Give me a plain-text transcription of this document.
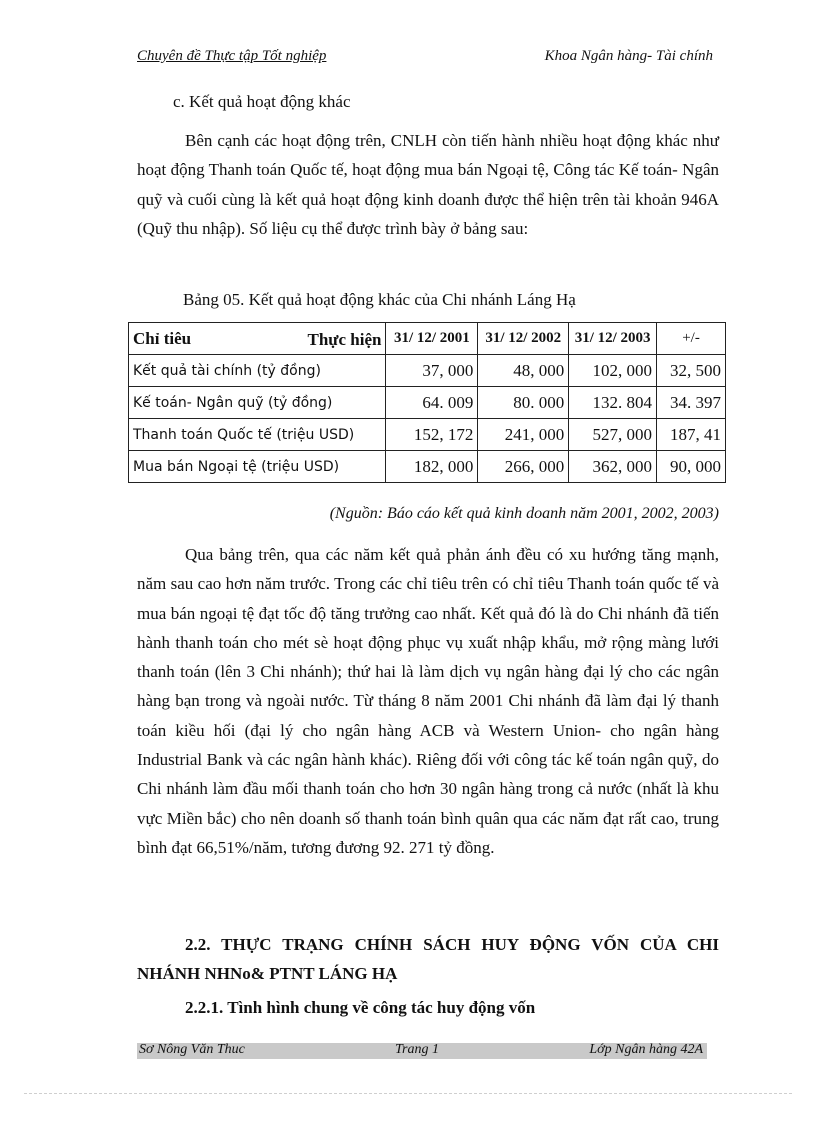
Chuyên đề Thực tập Tốt nghiệp	Khoa Ngân hàng- Tài chính
c. Kết quả hoạt động khác
Bên cạnh các hoạt động trên, CNLH còn tiến hành nhiều hoạt động khác như hoạt động Thanh toán Quốc tế, hoạt động mua bán Ngoại tệ, Công tác Kế toán- Ngân quỹ và cuối cùng là kết quả hoạt động kinh doanh được thể hiện trên tài khoản 946A (Quỹ thu nhập). Số liệu cụ thể được trình bày ở bảng sau:
Bảng 05. Kết quả hoạt động khác của Chi nhánh Láng Hạ
Chỉ tiêu Thực hiện	31/ 12/ 2001	31/ 12/ 2002	31/ 12/ 2003	+/-
Kết quả tài chính (tỷ đồng)	37, 000	48, 000	102, 000	32, 500
Kế toán- Ngân quỹ (tỷ đồng)	64. 009	80. 000	132. 804	34. 397
Thanh toán Quốc tế (triệu USD)	152, 172	241, 000	527, 000	187, 41
Mua bán Ngoại tệ (triệu USD)	182, 000	266, 000	362, 000	90, 000
(Nguồn: Báo cáo kết quả kinh doanh năm 2001, 2002, 2003)
Qua bảng trên, qua các năm kết quả phản ánh đều có xu hướng tăng mạnh, năm sau cao hơn năm trước. Trong các chỉ tiêu trên có chỉ tiêu Thanh toán quốc tế và mua bán ngoại tệ đạt tốc độ tăng trưởng cao nhất. Kết quả đó là do Chi nhánh đã tiến hành thanh toán cho mét sè hoạt động phục vụ xuất nhập khẩu, mở rộng màng lưới thanh toán (lên 3 Chi nhánh); thứ hai là làm dịch vụ ngân hàng đại lý cho các ngân hàng bạn trong và ngoài nước. Từ tháng 8 năm 2001 Chi nhánh đã làm đại lý thanh toán kiều hối (đại lý cho ngân hàng ACB và Western Union- cho ngân hàng Industrial Bank và các ngân hành khác). Riêng đối với công tác kế toán ngân quỹ, do Chi nhánh làm đầu mối thanh toán cho hơn 30 ngân hàng trong cả nước (nhất là khu vực Miền bắc) cho nên doanh số thanh toán bình quân qua các năm đạt rất cao, trung bình đạt 66,51%/năm, tương đương 92. 271 tỷ đồng.
2.2. THỰC TRẠNG CHÍNH SÁCH HUY ĐỘNG VỐN CỦA CHI NHÁNH NHNo& PTNT LÁNG HẠ
2.2.1. Tình hình chung về công tác huy động vốn
Sơ Nông Văn Thuc	Trang 1	Lớp Ngân hàng 42A
